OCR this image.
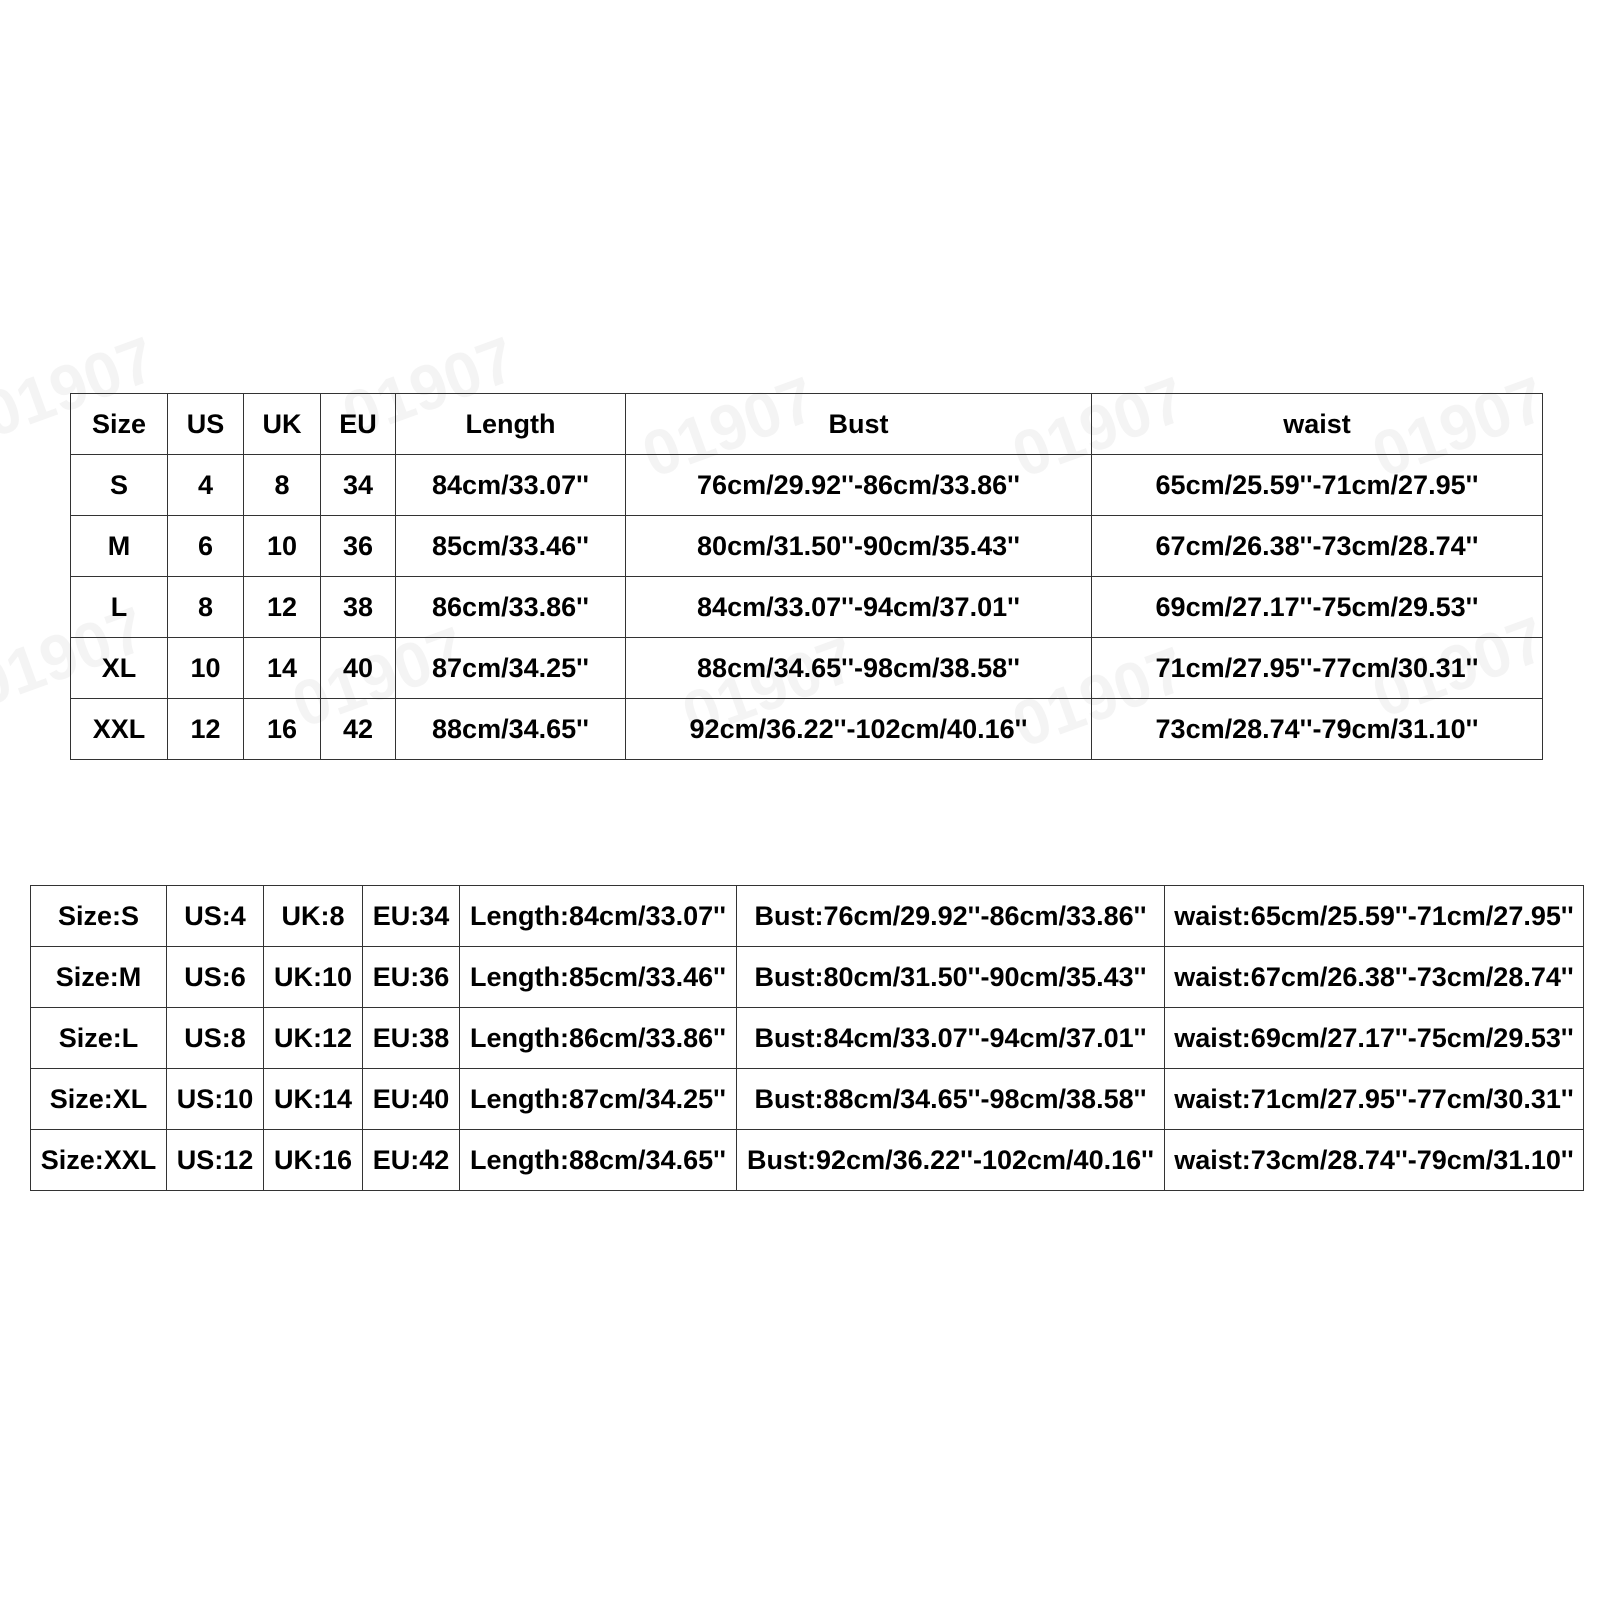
Size	US	UK	EU	Length	Bust	waist
S	4	8	34	84cm/33.07''	76cm/29.92''-86cm/33.86''	65cm/25.59''-71cm/27.95''
M	6	10	36	85cm/33.46''	80cm/31.50''-90cm/35.43''	67cm/26.38''-73cm/28.74''
L	8	12	38	86cm/33.86''	84cm/33.07''-94cm/37.01''	69cm/27.17''-75cm/29.53''
XL	10	14	40	87cm/34.25''	88cm/34.65''-98cm/38.58''	71cm/27.95''-77cm/30.31''
XXL	12	16	42	88cm/34.65''	92cm/36.22''-102cm/40.16''	73cm/28.74''-79cm/31.10''
Size:S	US:4	UK:8	EU:34	Length:84cm/33.07''	Bust:76cm/29.92''-86cm/33.86''	waist:65cm/25.59''-71cm/27.95''
Size:M	US:6	UK:10	EU:36	Length:85cm/33.46''	Bust:80cm/31.50''-90cm/35.43''	waist:67cm/26.38''-73cm/28.74''
Size:L	US:8	UK:12	EU:38	Length:86cm/33.86''	Bust:84cm/33.07''-94cm/37.01''	waist:69cm/27.17''-75cm/29.53''
Size:XL	US:10	UK:14	EU:40	Length:87cm/34.25''	Bust:88cm/34.65''-98cm/38.58''	waist:71cm/27.95''-77cm/30.31''
Size:XXL	US:12	UK:16	EU:42	Length:88cm/34.65''	Bust:92cm/36.22''-102cm/40.16''	waist:73cm/28.74''-79cm/31.10''
